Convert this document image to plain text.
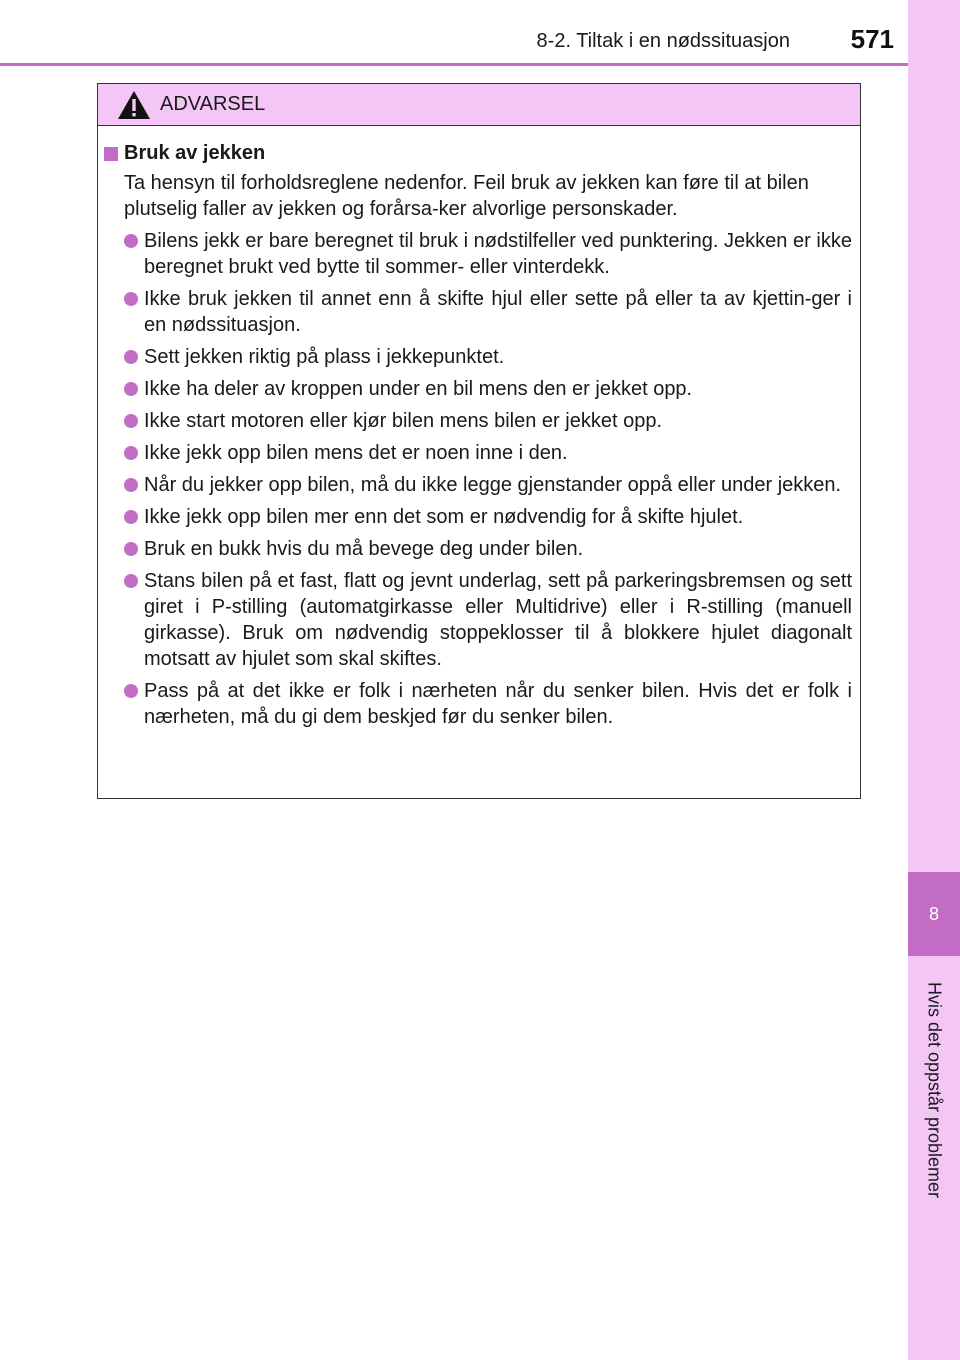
8-2. Tiltak i en nødssituasjon 571
8
Hvis det oppstår problemer
ADVARSEL
Bruk av jekken
Ta hensyn til forholdsreglene nedenfor. Feil bruk av jekken kan føre til at bilen plutselig faller av jekken og forårsa-ker alvorlige personskader.
Bilens jekk er bare beregnet til bruk i nødstilfeller ved punktering. Jekken er ikke beregnet brukt ved bytte til sommer- eller vinterdekk.
Ikke bruk jekken til annet enn å skifte hjul eller sette på eller ta av kjettin-ger i en nødssituasjon.
Sett jekken riktig på plass i jekkepunktet.
Ikke ha deler av kroppen under en bil mens den er jekket opp.
Ikke start motoren eller kjør bilen mens bilen er jekket opp.
Ikke jekk opp bilen mens det er noen inne i den.
Når du jekker opp bilen, må du ikke legge gjenstander oppå eller under jekken.
Ikke jekk opp bilen mer enn det som er nødvendig for å skifte hjulet.
Bruk en bukk hvis du må bevege deg under bilen.
Stans bilen på et fast, flatt og jevnt underlag, sett på parkeringsbremsen og sett giret i P-stilling (automatgirkasse eller Multidrive) eller i R-stilling (manuell girkasse). Bruk om nødvendig stoppeklosser til å blokkere hjulet diagonalt motsatt av hjulet som skal skiftes.
Pass på at det ikke er folk i nærheten når du senker bilen. Hvis det er folk i nærheten, må du gi dem beskjed før du senker bilen.
